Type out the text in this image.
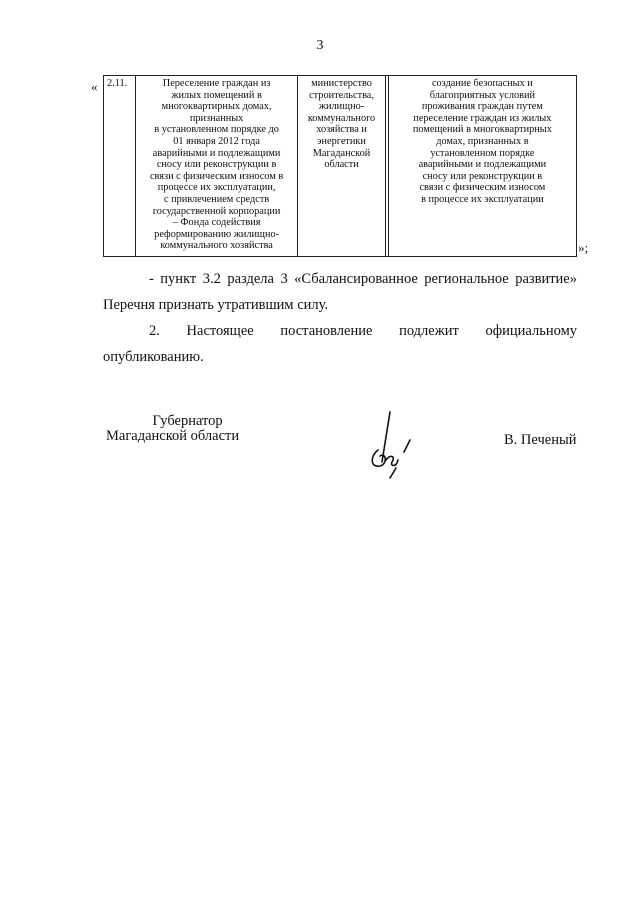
3
« 2.11.	Переселение граждан из
жилых помещений в
многоквартирных домах,
признанных
в установленном порядке до
01 января 2012 года
аварийными и подлежащими
сносу или реконструкции в
связи с физическим износом в
процессе их эксплуатации,
с привлечением средств
государственной корпорации
– Фонда содействия
реформированию жилищно-
коммунального хозяйства

министерство
строительства,
жилищно-
коммунального
хозяйства и
энергетики
Магаданской
области

создание безопасных и
благоприятных условий
проживания граждан путем
переселение граждан из жилых
помещений в многоквартирных
домах, признанных в
установленном порядке
аварийными и подлежащими
сносу или реконструкции в
связи с физическим износом
в процессе их эксплуатации
»;
- пункт 3.2 раздела 3 «Сбалансированное региональное развитие»
Перечня признать утратившим силу.
2. Настоящее постановление подлежит официальному
опубликованию.
Губернатор
Магаданской области	В. Печеный
